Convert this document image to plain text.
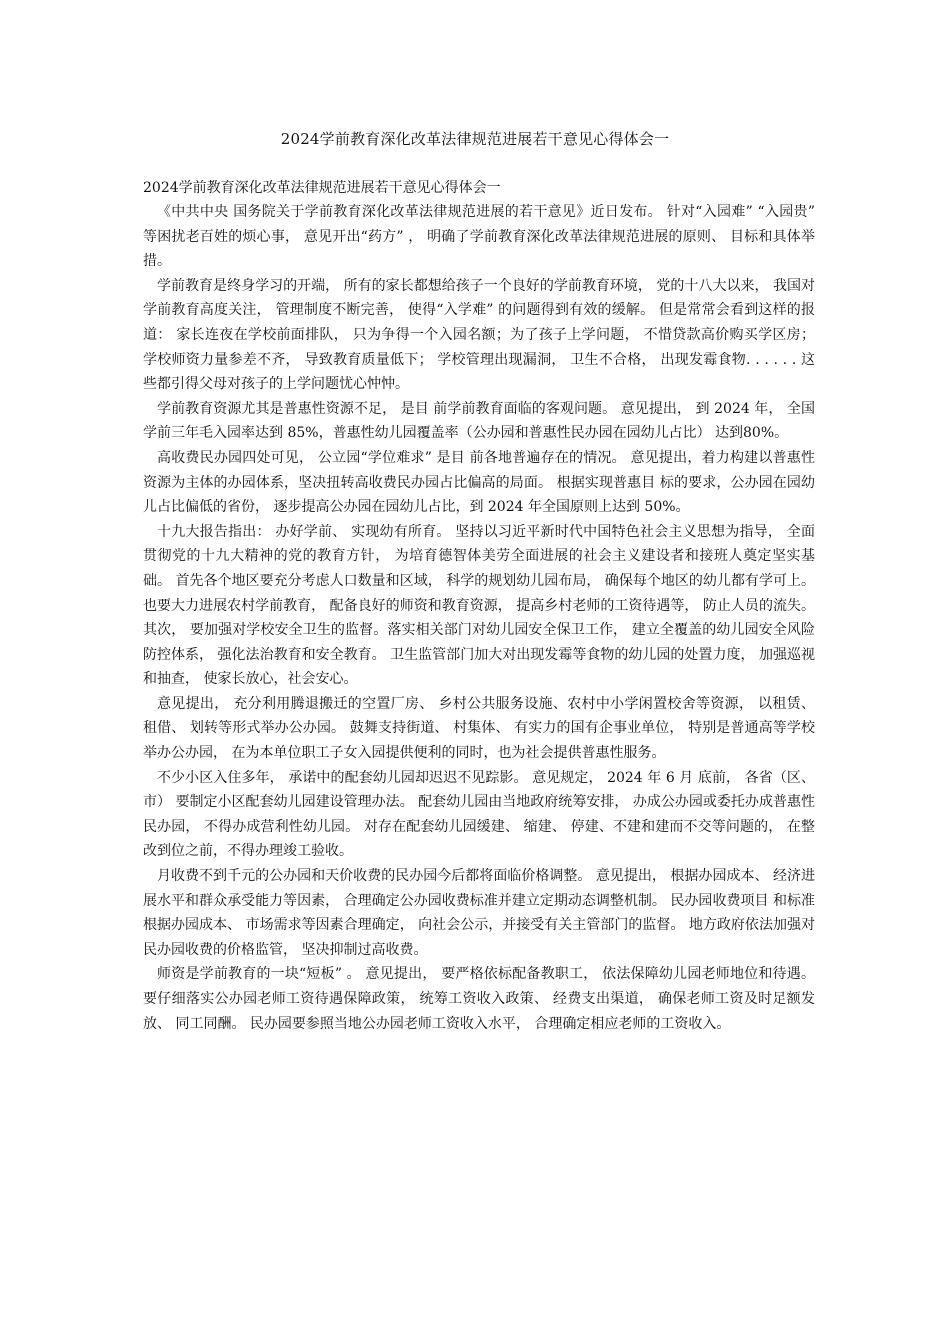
2024学前教育深化改革法律规范进展若干意见心得体会一

2024学前教育深化改革法律规范进展若干意见心得体会一

《中共中央 国务院关于学前教育深化改革法律规范进展的若干意见》近日发布。 针对“入园难” “入园贵” 等困扰老百姓的烦心事， 意见开出“药方” ， 明确了学前教育深化改革法律规范进展的原则、 目标和具体举措。

学前教育是终身学习的开端， 所有的家长都想给孩子一个良好的学前教育环境， 党的十八大以来， 我国对学前教育高度关注， 管理制度不断完善， 使得“入学难” 的问题得到有效的缓解。 但是常常会看到这样的报道： 家长连夜在学校前面排队， 只为争得一个入园名额；为了孩子上学问题， 不惜贷款高价购买学区房； 学校师资力量参差不齐， 导致教育质量低下； 学校管理出现漏洞， 卫生不合格， 出现发霉食物. . . . . . 这些都引得父母对孩子的上学问题忧心忡忡。

学前教育资源尤其是普惠性资源不足， 是目 前学前教育面临的客观问题。 意见提出， 到 2024 年， 全国学前三年毛入园率达到 85%，普惠性幼儿园覆盖率（公办园和普惠性民办园在园幼儿占比） 达到80%。

高收费民办园四处可见， 公立园“学位难求” 是目 前各地普遍存在的情况。 意见提出，着力构建以普惠性资源为主体的办园体系，坚决扭转高收费民办园占比偏高的局面。 根据实现普惠目 标的要求，公办园在园幼儿占比偏低的省份， 逐步提高公办园在园幼儿占比，到 2024 年全国原则上达到 50%。

十九大报告指出： 办好学前、 实现幼有所育。 坚持以习近平新时代中国特色社会主义思想为指导， 全面贯彻党的十九大精神的党的教育方针， 为培育德智体美劳全面进展的社会主义建设者和接班人奠定坚实基础。 首先各个地区要充分考虑人口数量和区域， 科学的规划幼儿园布局， 确保每个地区的幼儿都有学可上。 也要大力进展农村学前教育， 配备良好的师资和教育资源， 提高乡村老师的工资待遇等， 防止人员的流失。 其次， 要加强对学校安全卫生的监督。落实相关部门对幼儿园安全保卫工作， 建立全覆盖的幼儿园安全风险防控体系， 强化法治教育和安全教育。 卫生监管部门加大对出现发霉等食物的幼儿园的处置力度， 加强巡视和抽查， 使家长放心，社会安心。

意见提出， 充分利用腾退搬迁的空置厂房、 乡村公共服务设施、农村中小学闲置校舍等资源， 以租赁、 租借、 划转等形式举办公办园。 鼓舞支持街道、 村集体、 有实力的国有企事业单位， 特别是普通高等学校举办公办园， 在为本单位职工子女入园提供便利的同时，也为社会提供普惠性服务。

不少小区入住多年， 承诺中的配套幼儿园却迟迟不见踪影。 意见规定， 2024 年 6 月 底前， 各省（区、 市） 要制定小区配套幼儿园建设管理办法。 配套幼儿园由当地政府统筹安排， 办成公办园或委托办成普惠性民办园， 不得办成营利性幼儿园。 对存在配套幼儿园缓建、 缩建、 停建、不建和建而不交等问题的， 在整改到位之前，不得办理竣工验收。

月收费不到千元的公办园和天价收费的民办园今后都将面临价格调整。 意见提出， 根据办园成本、 经济进展水平和群众承受能力等因素， 合理确定公办园收费标准并建立定期动态调整机制。 民办园收费项目 和标准根据办园成本、 市场需求等因素合理确定， 向社会公示，并接受有关主管部门的监督。 地方政府依法加强对民办园收费的价格监管， 坚决抑制过高收费。

师资是学前教育的一块“短板” 。 意见提出， 要严格依标配备教职工， 依法保障幼儿园老师地位和待遇。 要仔细落实公办园老师工资待遇保障政策， 统筹工资收入政策、 经费支出渠道， 确保老师工资及时足额发放、 同工同酬。 民办园要参照当地公办园老师工资收入水平， 合理确定相应老师的工资收入。
